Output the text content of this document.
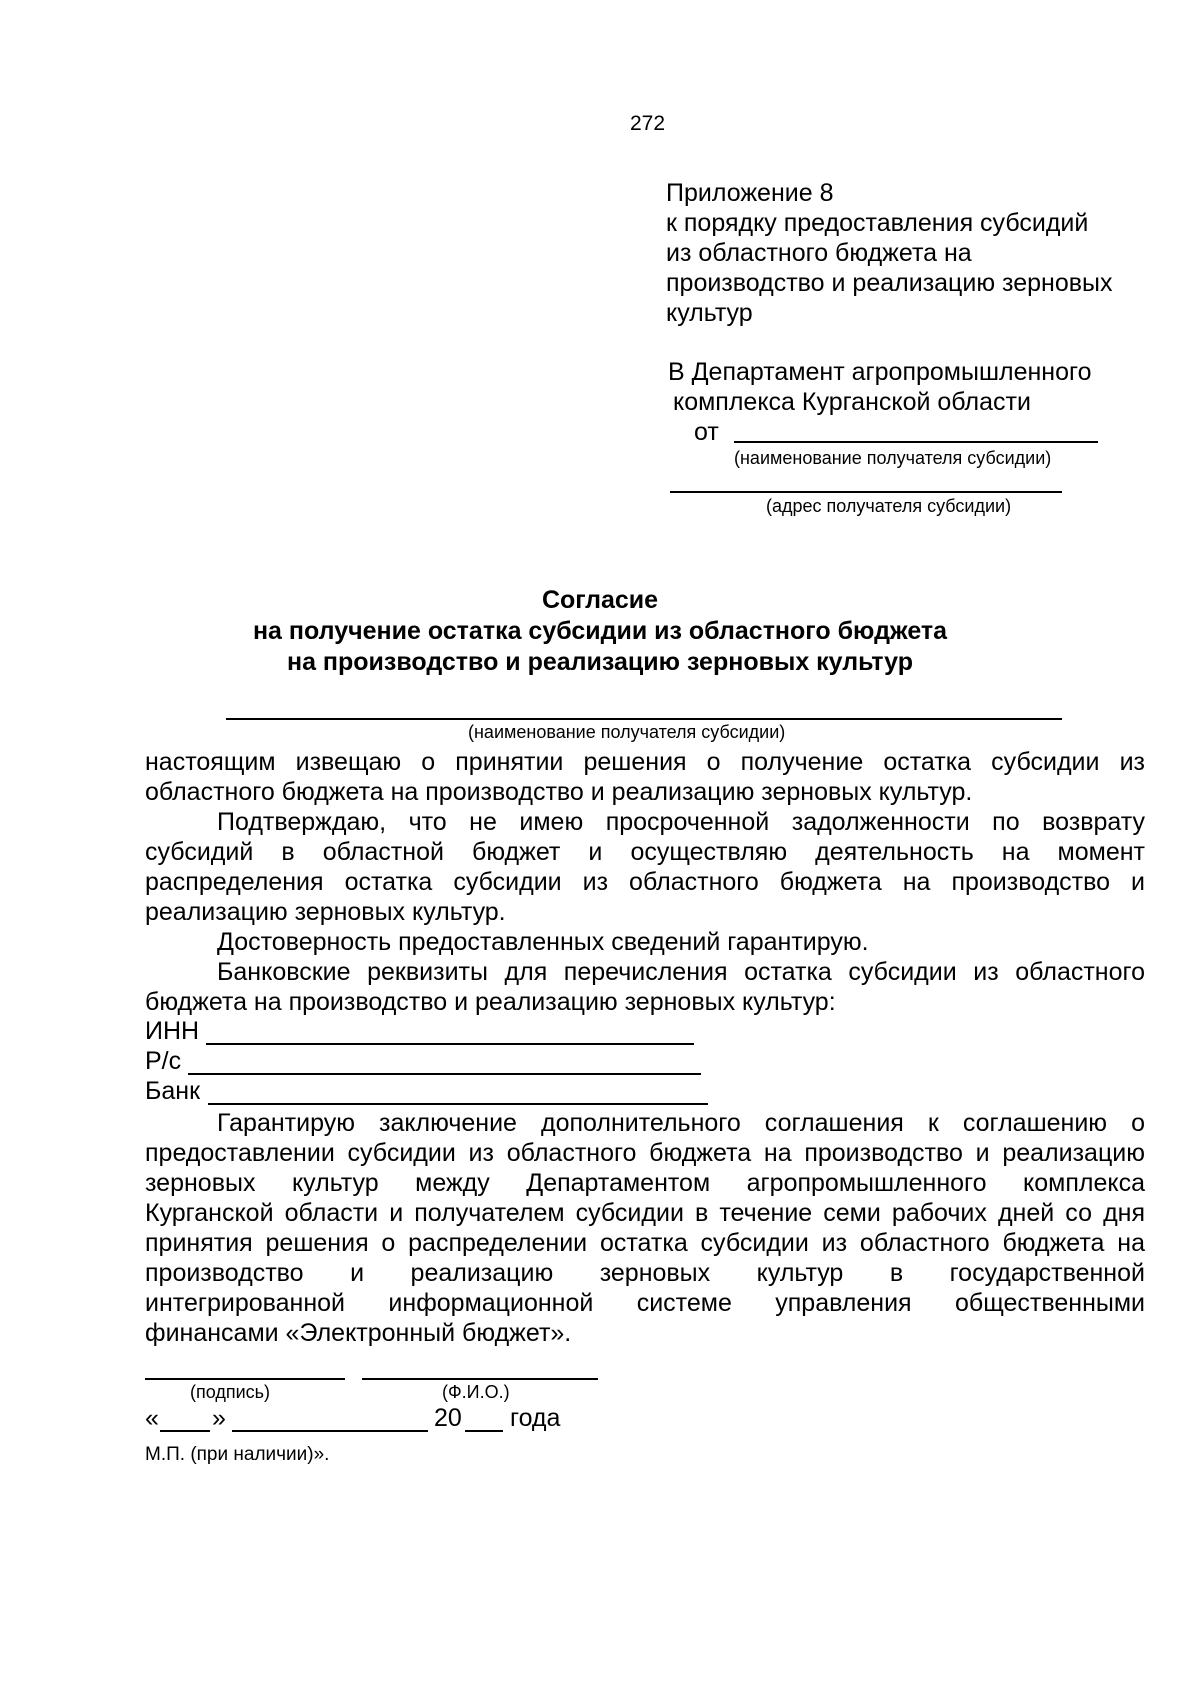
272
Приложение 8
к порядку предоставления субсидий
из областного бюджета на
производство и реализацию зерновых
культур
В Департамент агропромышленного
комплекса Курганской области
от
(наименование получателя субсидии)
(адрес получателя субсидии)
Согласие
на получение остатка субсидии из областного бюджета
на производство и реализацию зерновых культур
(наименование получателя субсидии)
настоящим извещаю о принятии решения о получение остатка субсидии из
областного бюджета на производство и реализацию зерновых культур.
Подтверждаю, что не имею просроченной задолженности по возврату
субсидий в областной бюджет и осуществляю деятельность на момент
распределения остатка субсидии из областного бюджета на производство и
реализацию зерновых культур.
Достоверность предоставленных сведений гарантирую.
Банковские реквизиты для перечисления остатка субсидии из областного
бюджета на производство и реализацию зерновых культур:
ИНН
Р/с
Банк
Гарантирую заключение дополнительного соглашения к соглашению о
предоставлении субсидии из областного бюджета на производство и реализацию
зерновых культур между Департаментом агропромышленного комплекса
Курганской области и получателем субсидии в течение семи рабочих дней со дня
принятия решения о распределении остатка субсидии из областного бюджета на
производство и реализацию зерновых культур в государственной
интегрированной информационной системе управления общественными
финансами «Электронный бюджет».
(подпись)	(Ф.И.О.)
« »	20 года
М.П. (при наличии)».
